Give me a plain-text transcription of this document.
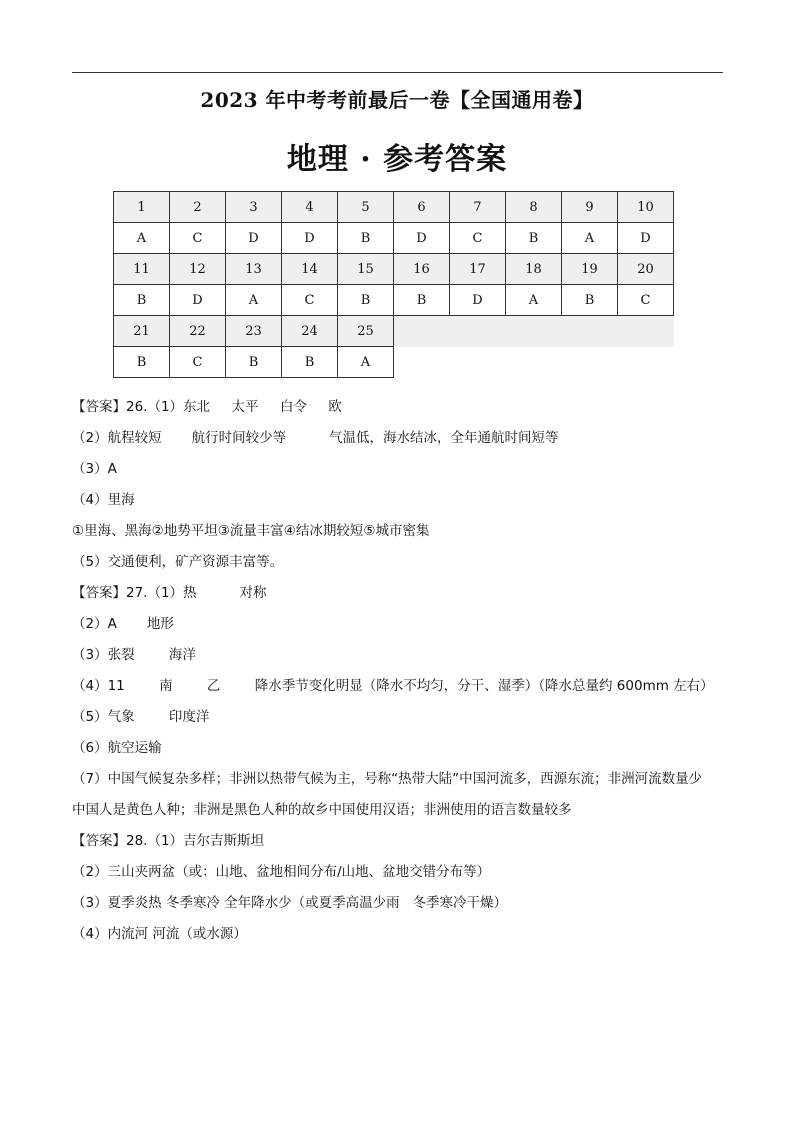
2023 年中考考前最后一卷【全国通用卷】
地理 · 参考答案
1	2	3	4	5	6	7	8	9	10
A	C	D	D	B	D	C	B	A	D
11	12	13	14	15	16	17	18	19	20
B	D	A	C	B	B	D	A	B	C
21	22	23	24	25					
B	C	B	B	A					
【答案】26.（1）东北     太平     白令     欧
（2）航程较短       航行时间较少等          气温低，海水结冰，全年通航时间短等
（3）A
（4）里海
①里海、黑海②地势平坦③流量丰富④结冰期较短⑤城市密集
（5）交通便利，矿产资源丰富等。
【答案】27.（1）热          对称
（2）A       地形
（3）张裂        海洋
（4）11        南        乙        降水季节变化明显（降水不均匀，分干、湿季）（降水总量约 600mm 左右）
（5）气象        印度洋
（6）航空运输
（7）中国气候复杂多样；非洲以热带气候为主，号称“热带大陆”中国河流多，西源东流；非洲河流数量少
中国人是黄色人种；非洲是黑色人种的故乡中国使用汉语；非洲使用的语言数量较多
【答案】28.（1）吉尔吉斯斯坦
（2）三山夹两盆（或：山地、盆地相间分布/山地、盆地交错分布等）
（3）夏季炎热 冬季寒冷 全年降水少（或夏季高温少雨   冬季寒冷干燥）
（4）内流河 河流（或水源）
